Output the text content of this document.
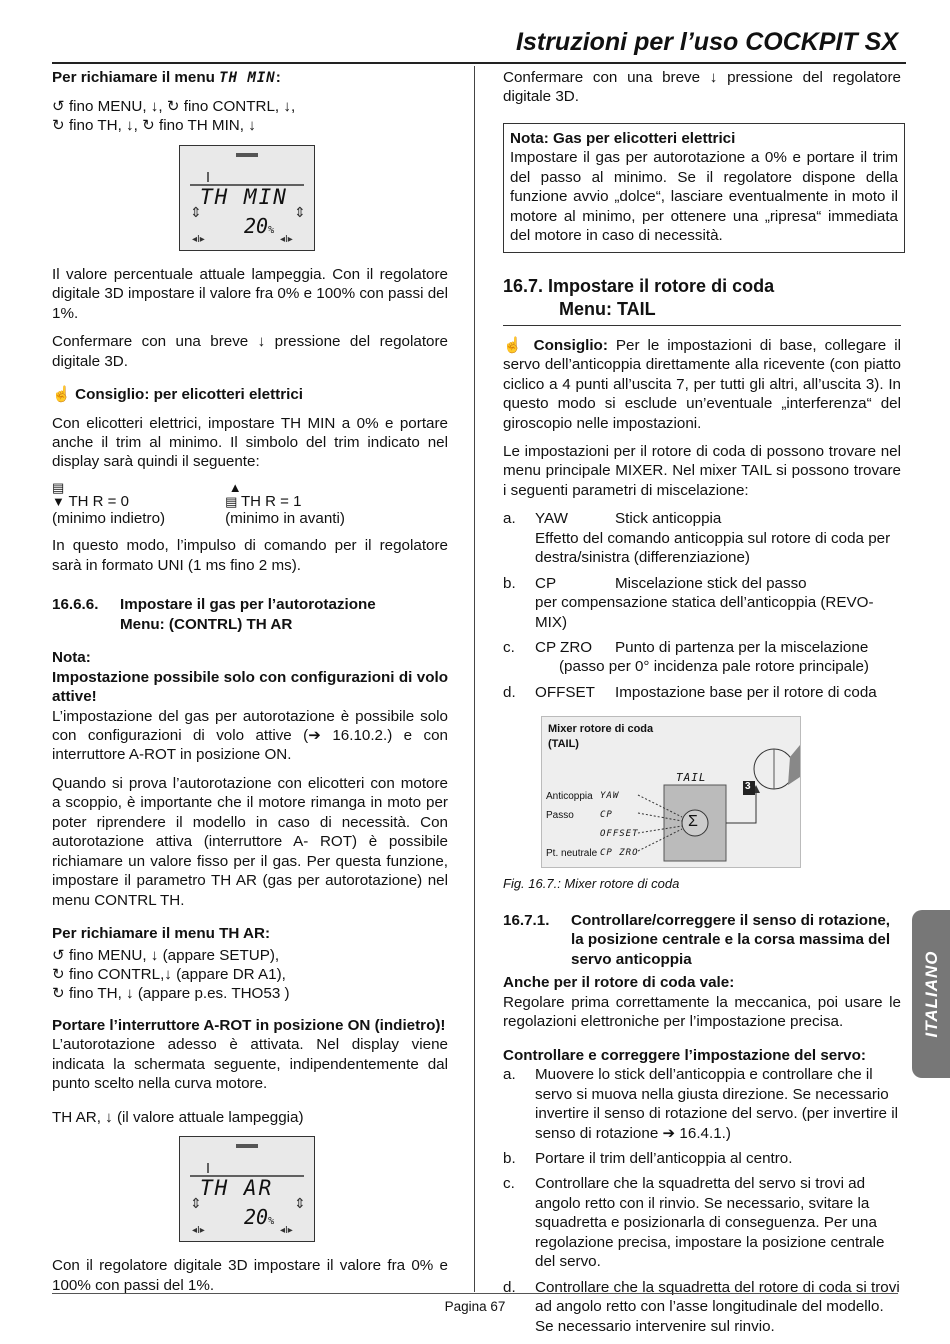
Istruzioni per l’uso COCKPIT SX

Per richiamare il menu TH MIN:

↺ fino MENU, ↓, ↻ fino CONTRL, ↓,
↻ fino TH, ↓, ↻ fino TH MIN, ↓

⇕	⇕
◂I▸	◂I▸
TH MIN
20%

Il valore percentuale attuale lampeggia. Con il regolatore digitale 3D impostare il valore fra 0% e 100% con passi del 1%.

Confermare con una breve ↓ pressione del regolatore digitale 3D.

☝ Consiglio: per elicotteri elettrici

Con elicotteri elettrici, impostare TH MIN a 0% e portare anche il trim al minimo. Il simbolo del trim indicato nel display sarà quindi il seguente:

▤
▼ TH R = 0
(minimo indietro)
▲
▤ TH R = 1
(minimo in avanti)

In questo modo, l’impulso di comando per il regolatore sarà in formato UNI (1 ms fino 2 ms).

16.6.6.	Impostare il gas per l’autorotazione
Menu: (CONTRL) TH AR

Nota:

Impostazione possibile solo con configurazioni di volo attive!

L’impostazione del gas per autorotazione è possibile solo con configurazioni di volo attive (➔ 16.10.2.) e con interruttore A-ROT in posizione ON.

Quando si prova l’autorotazione con elicotteri con motore a scoppio, è importante che il motore rimanga in moto per poter riprendere il modello in caso di necessità. Con autorotazione attiva (interruttore A- ROT) è possibile richiamare un valore fisso per il gas. Per questa funzione, impostare il parametro TH AR (gas per autorotazione) nel menu CONTRL TH.

Per richiamare il menu TH AR:

↺ fino MENU, ↓ (appare SETUP),
↻ fino CONTRL,↓ (appare DR A1),
↻ fino TH, ↓ (appare p.es. THO53 )

Portare l’interruttore A-ROT in posizione ON (indietro)!

L’autorotazione adesso è attivata. Nel display viene indicata la schermata seguente, indipendentemente dal punto scelto nella curva motore.

TH AR, ↓ (il valore attuale lampeggia)

⇕	⇕
◂I▸	◂I▸
TH AR
20%

Con il regolatore digitale 3D impostare il valore fra 0% e 100% con passi del 1%.

Confermare con una breve ↓ pressione del regolatore digitale 3D.

Nota: Gas per elicotteri elettrici
Impostare il gas per autorotazione a 0% e portare il trim del passo al minimo. Se il regolatore dispone della funzione avvio „dolce“, lasciare eventualmente in moto il motore al minimo, per ottenere una „ripresa“ immediata del motore in caso di necessità.
16.7. Impostare il rotore di coda
Menu: TAIL

☝ Consiglio: Per le impostazioni di base, collegare il servo dell’anticoppia direttamente alla ricevente (con piatto ciclico a 4 punti all’uscita 7, per tutti gli altri, all’uscita 3). In questo modo si esclude un’eventuale „interferenza“ del giroscopio nelle impostazioni.

Le impostazioni per il rotore di coda di possono trovare nel menu principale MIXER. Nel mixer TAIL si possono trovare i seguenti parametri di miscelazione:

a.	YAW	Stick anticoppia
Effetto del comando anticoppia sul rotore di coda per destra/sinistra (differenziazione)
b.	CP	Miscelazione stick del passo
per compensazione statica dell’anticoppia (REVO-MIX)
c.	CP ZRO	Punto di partenza per la miscelazione
(passo per 0° incidenza pale rotore principale)
d.	OFFSET	Impostazione base per il rotore di coda
Mixer rotore di coda
(TAIL)
TAIL
3
Σ
Anticoppia YAW
Passo	CP
OFFSET
Pt. neutrale CP ZRO

Fig. 16.7.: Mixer rotore di coda

16.7.1.	Controllare/correggere il senso di rotazione, la posizione centrale e la corsa massima del servo anticoppia

Anche per il rotore di coda vale:

Regolare prima correttamente la meccanica, poi usare le regolazioni elettroniche per l’impostazione precisa.

Controllare e correggere l’impostazione del servo:

a.	Muovere lo stick dell’anticoppia e controllare che il servo si muova nella giusta direzione. Se necessario invertire il senso di rotazione del servo. (per invertire il senso di rotazione ➔ 16.4.1.)
b.	Portare il trim dell’anticoppia al centro.
c.	Controllare che la squadretta del servo si trovi ad angolo retto con il rinvio. Se necessario, svitare la squadretta e posizionarla di conseguenza. Per una regolazione precisa, impostare la posizione centrale del servo.
d.	Controllare che la squadretta del rotore di coda si trovi ad angolo retto con l’asse longitudinale del modello. Se necessario intervenire sul rinvio.
ITALIANO
Pagina 67
